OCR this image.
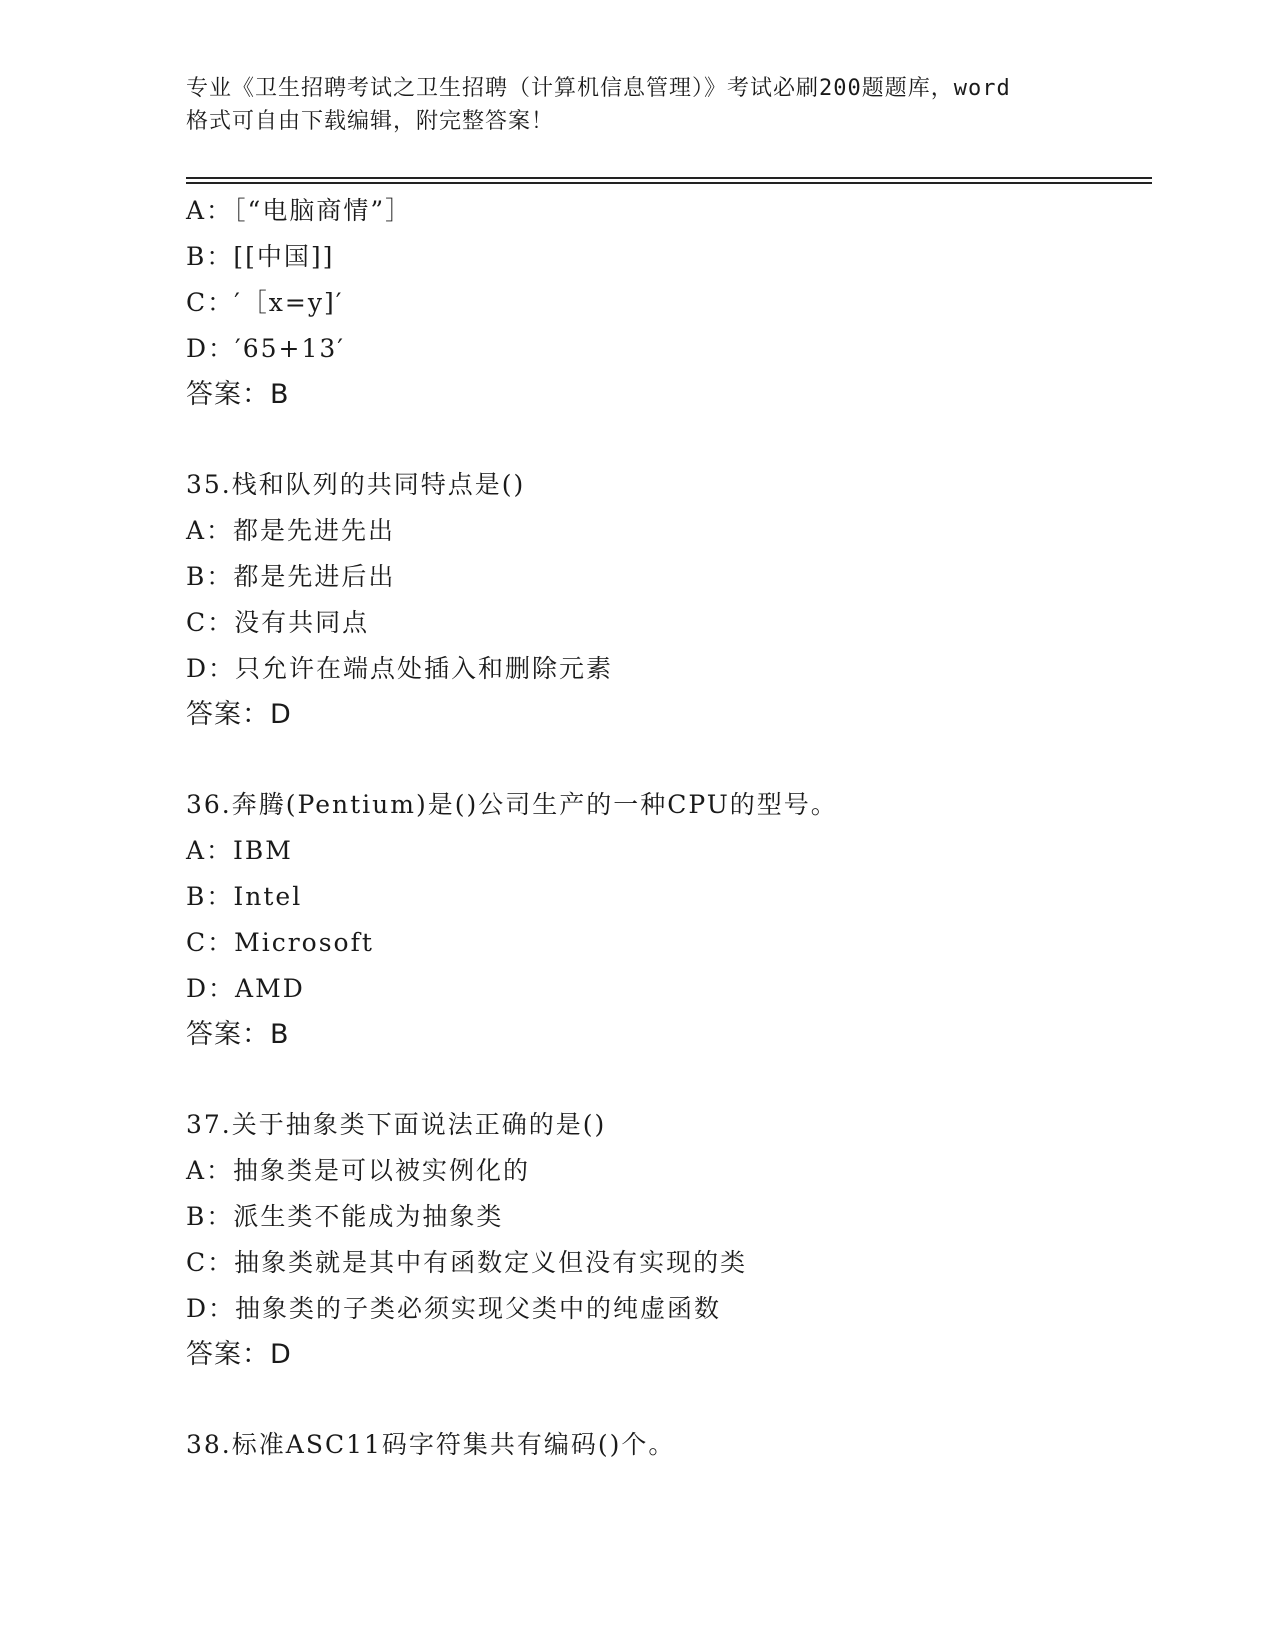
专业《卫生招聘考试之卫生招聘（计算机信息管理）》考试必刷200题题库，word
格式可自由下载编辑，附完整答案！
A：［“电脑商情”］
B：[[中国]]
C：′［x=y]′
D：′65+13′
答案：B
35.栈和队列的共同特点是()
A：都是先进先出
B：都是先进后出
C：没有共同点
D：只允许在端点处插入和删除元素
答案：D
36.奔腾(Pentium)是()公司生产的一种CPU的型号。
A：IBM
B：Intel
C：Microsoft
D：AMD
答案：B
37.关于抽象类下面说法正确的是()
A：抽象类是可以被实例化的
B：派生类不能成为抽象类
C：抽象类就是其中有函数定义但没有实现的类
D：抽象类的子类必须实现父类中的纯虚函数
答案：D
38.标准ASC11码字符集共有编码()个。
